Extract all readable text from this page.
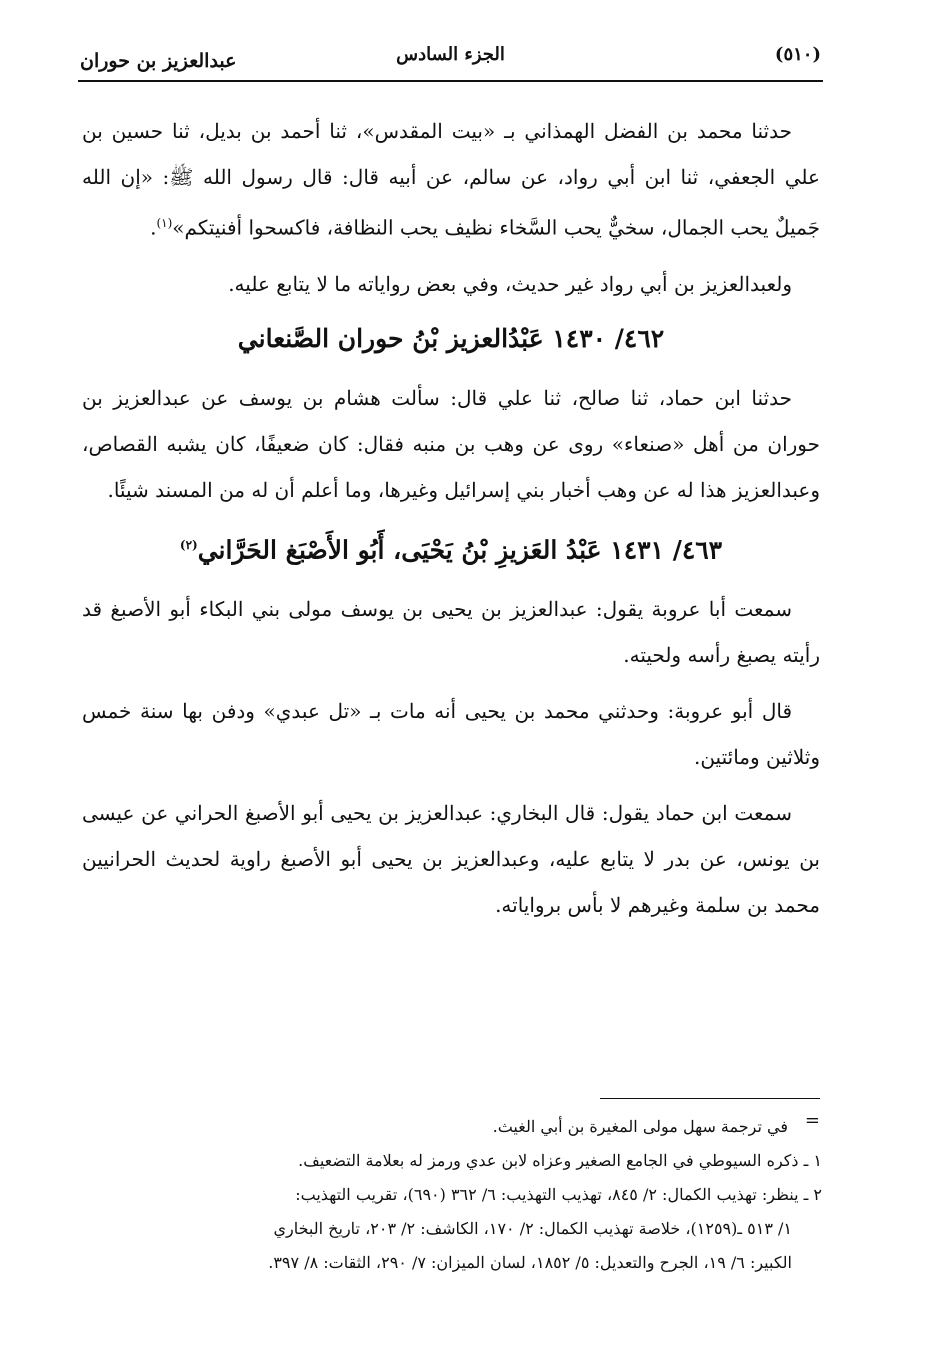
عبدالعزيز بن حوران	الجزء السادس	(٥١٠)

حدثنا محمد بن الفضل الهمذاني بـ «بيت المقدس»، ثنا أحمد بن بديل، ثنا حسين بن علي الجعفي، ثنا ابن أبي رواد، عن سالم، عن أبيه قال: قال رسول الله ﷺ: «إن الله جَميلٌ يحب الجمال، سخيٌّ يحب السَّخاء نظيف يحب النظافة، فاكسحوا أفنيتكم»$^{(١)}$.

ولعبدالعزيز بن أبي رواد غير حديث، وفي بعض رواياته ما لا يتابع عليه.

٤٦٢/ ١٤٣٠ عَبْدُالعزيز بْنُ حوران الصَّنعاني

حدثنا ابن حماد، ثنا صالح، ثنا علي قال: سألت هشام بن يوسف عن عبدالعزيز بن حوران من أهل «صنعاء» روى عن وهب بن منبه فقال: كان ضعيفًا، كان يشبه القصاص، وعبدالعزيز هذا له عن وهب أخبار بني إسرائيل وغيرها، وما أعلم أن له من المسند شيئًا.

٤٦٣/ ١٤٣١ عَبْدُ العَزيزِ بْنُ يَحْيَى، أَبُو الأَصْبَغ الحَرَّاني$^{(٢)}$

سمعت أبا عروبة يقول: عبدالعزيز بن يحيى بن يوسف مولى بني البكاء أبو الأصبغ قد رأيته يصبغ رأسه ولحيته.

قال أبو عروبة: وحدثني محمد بن يحيى أنه مات بـ «تل عبدي» ودفن بها سنة خمس وثلاثين ومائتين.

سمعت ابن حماد يقول: قال البخاري: عبدالعزيز بن يحيى أبو الأصبغ الحراني عن عيسى بن يونس، عن بدر لا يتابع عليه، وعبدالعزيز بن يحيى أبو الأصبغ راوية لحديث الحرانيين محمد بن سلمة وغيرهم لا بأس برواياته.

=

في ترجمة سهل مولى المغيرة بن أبي الغيث.

١ ـ ذكره السيوطي في الجامع الصغير وعزاه لابن عدي ورمز له بعلامة التضعيف.

٢ ـ ينظر: تهذيب الكمال: ٢/ ٨٤٥، تهذيب التهذيب: ٦/ ٣٦٢ (٦٩٠)، تقريب التهذيب:

١/ ٥١٣ ـ(١٢٥٩)، خلاصة تهذيب الكمال: ٢/ ١٧٠، الكاشف: ٢/ ٢٠٣، تاريخ البخاري

الكبير: ٦/ ١٩، الجرح والتعديل: ٥/ ١٨٥٢، لسان الميزان: ٧/ ٢٩٠، الثقات: ٨/ ٣٩٧.
